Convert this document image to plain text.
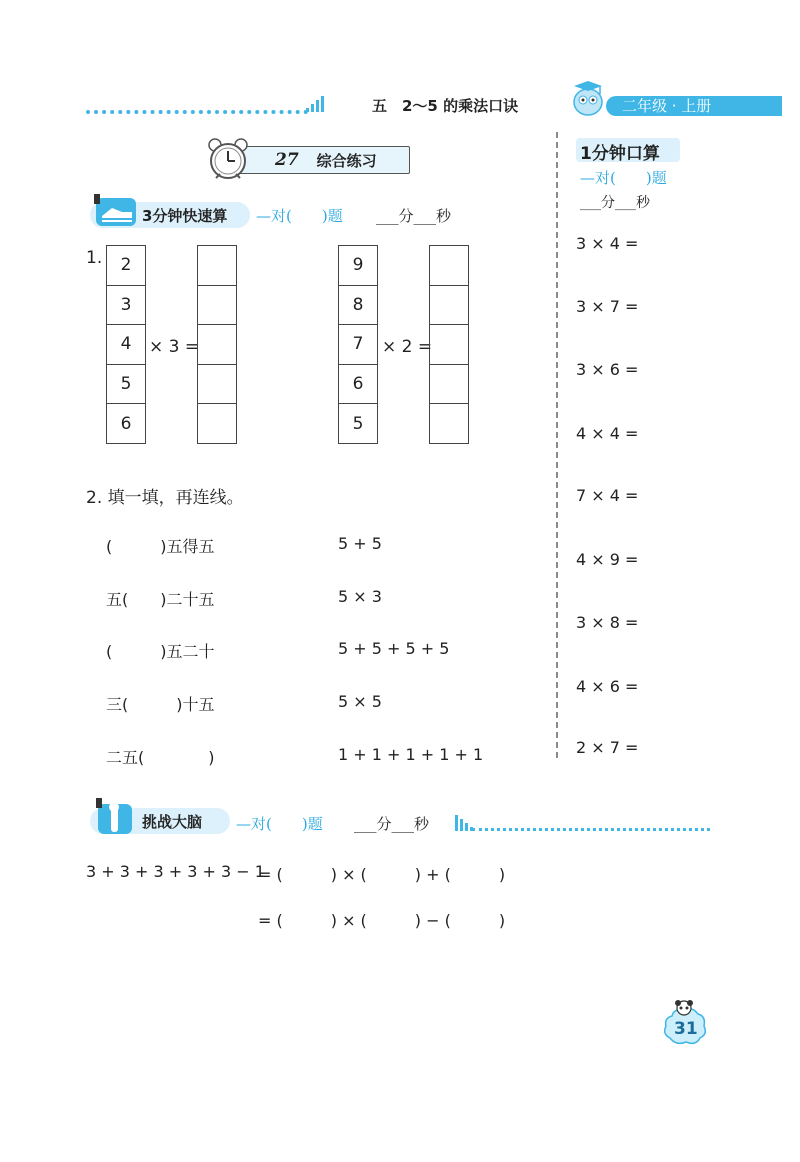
五　2～5 的乘法口诀	二年级 · 上册
27 综合练习
3分钟快速算 —对(　　)题 ___分___秒
1.	2
3
4
5
6
× 3 =
9
8
7
6
5
× 2 =
2. 填一填，再连线。
(　　　)五得五
五(　　)二十五
(　　　)五二十
三(　　　)十五
二五(　　　　)
5 + 5
5 × 3
5 + 5 + 5 + 5
5 × 5
1 + 1 + 1 + 1 + 1
1分钟口算
—对(　　)题
___分___秒
3 × 4 =
3 × 7 =
3 × 6 =
4 × 4 =
7 × 4 =
4 × 9 =
3 × 8 =
4 × 6 =
2 × 7 =
挑战大脑 —对(　　)题 ___分___秒
3 + 3 + 3 + 3 + 3 − 1
= (　　　) × (　　　) + (　　　)
= (　　　) × (　　　) − (　　　)
31
